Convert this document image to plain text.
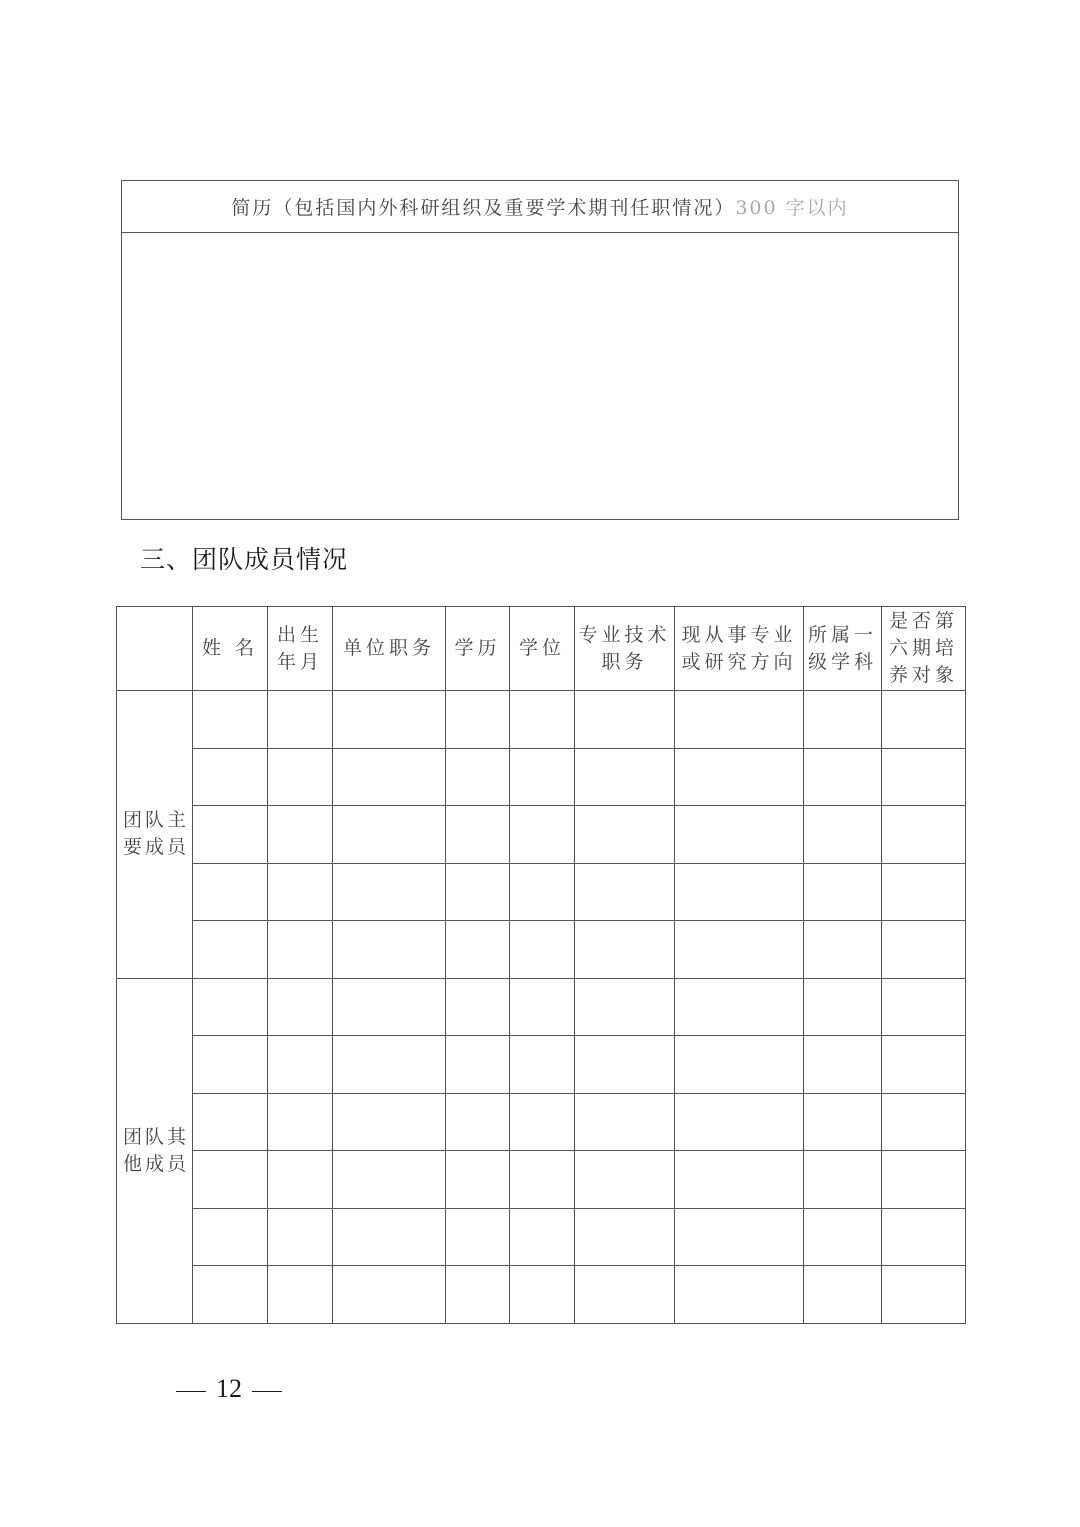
简历（包括国内外科研组织及重要学术期刊任职情况） 300 字以内
三、团队成员情况
	姓 名	出生年月	单位职务	学历	学位	专业技术职务	现从事专业或研究方向	所属一级学科	是否第六期培养对象
团队主要成员									

团队其他成员									

12
